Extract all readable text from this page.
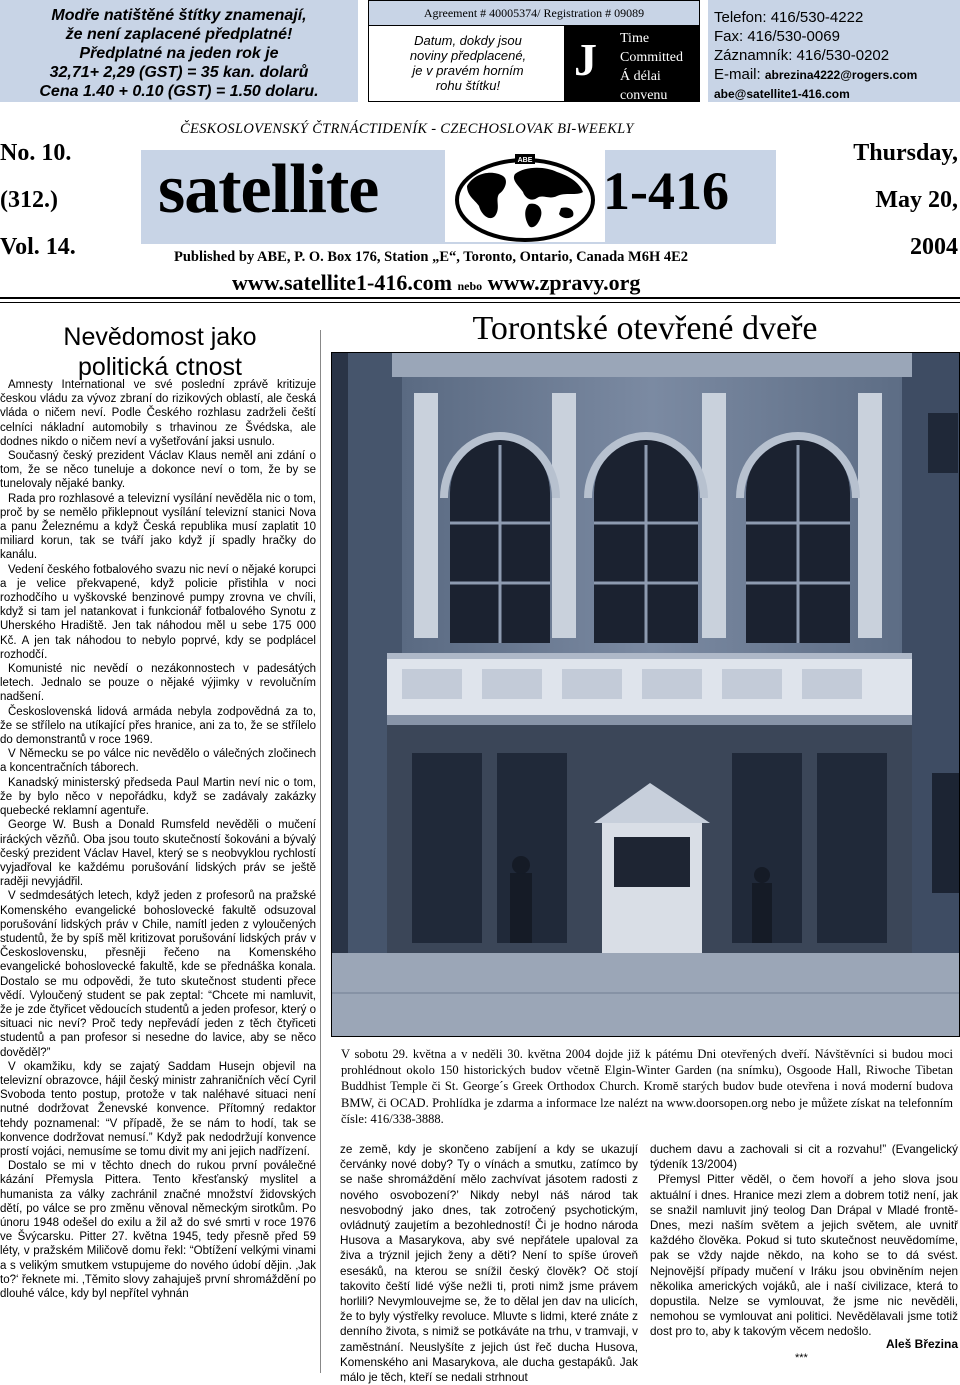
Modře natištěné štítky znamenají,
že není zaplacené předplatné!
Předplatné na jeden rok je
32,71+ 2,29 (GST) = 35 kan. dolarů
Cena 1.40 + 0.10 (GST) = 1.50 dolaru.
Agreement # 40005374/ Registration # 09089
Datum, dokdy jsou
noviny předplacené,
je v pravém horním
rohu štítku!
J Time
Committed
Á délai
convenu
Telefon: 416/530-4222
Fax: 416/530-0069
Záznamník: 416/530-0202
E-mail: abrezina4222@rogers.com
abe@satellite1-416.com
No. 10.
(312.)
Vol. 14.
ČESKOSLOVENSKÝ ČTRNÁCTIDENÍK - CZECHOSLOVAK BI-WEEKLY
satellite	ABE
1-416
Thursday,
May 20,
2004
Published by ABE, P. O. Box 176, Station „E“, Toronto, Ontario, Canada M6H 4E2
www.satellite1-416.com nebo www.zpravy.org
Nevědomost jako
politická ctnost

Amnesty International ve své poslední zprávě kritizuje českou vládu za vývoz zbraní do rizikových oblastí, ale česká vláda o ničem neví. Podle Českého rozhlasu zadrželi čeští celníci nákladní automobily s trhavinou ze Švédska, ale dodnes nikdo o ničem neví a vyšetřování jaksi usnulo.

Současný český prezident Václav Klaus neměl ani zdání o tom, že se něco tuneluje a dokonce neví o tom, že by se tunelovaly nějaké banky.

Rada pro rozhlasové a televizní vysílání nevěděla nic o tom, proč by se nemělo přiklepnout vysílání televizní stanici Nova a panu Železnému a když Česká republika musí zaplatit 10 miliard korun, tak se tváří jako když jí spadly hračky do kanálu.

Vedení českého fotbalového svazu nic neví o nějaké korupci a je velice překvapené, když policie přistihla v noci rozhodčího u vyškovské benzinové pumpy zrovna ve chvíli, když si tam jel natankovat i funkcionář fotbalového Synotu z Uherského Hradiště. Jen tak náhodou měl u sebe 175 000 Kč. A jen tak náhodou to nebylo poprvé, kdy se podplácel rozhodčí.

Komunisté nic nevědí o nezákonnostech v padesátých letech. Jednalo se pouze o nějaké výjimky v revolučním nadšení.

Československá lidová armáda nebyla zodpovědná za to, že se střílelo na utíkající přes hranice, ani za to, že se střílelo do demonstrantů v roce 1969.

V Německu se po válce nic nevědělo o válečných zločinech a koncentračních táborech.

Kanadský ministerský předseda Paul Martin neví nic o tom, že by bylo něco v nepořádku, když se zadávaly zakázky quebecké reklamní agentuře.

George W. Bush a Donald Rumsfeld nevěděli o mučení iráckých vězňů. Oba jsou touto skutečností šokováni a bývalý český prezident Václav Havel, který se s neobvyklou rychlostí vyjadřoval ke každému porušování lidských práv se ještě raději nevyjádřil.

V sedmdesátých letech, když jeden z profesorů na pražské Komenského evangelické bohoslovecké fakultě odsuzoval porušování lidských práv v Chile, namítl jeden z vyloučených studentů, že by spíš měl kritizovat porušování lidských práv v Československu, přesněji řečeno na Komenského evangelické bohoslovecké fakultě, kde se přednáška konala. Dostalo se mu odpovědi, že tuto skutečnost studenti přece vědí. Vyloučený student se pak zeptal: “Chcete mi namluvit, že je zde čtyřicet vědoucích studentů a jeden profesor, který o situaci nic neví? Proč tedy nepřevádí jeden z těch čtyřiceti studentů a pan profesor si nesedne do lavice, aby se něco dověděl?”

V okamžiku, kdy se zajatý Saddam Husejn objevil na televizní obrazovce, hájil český ministr zahraničních věcí Cyril Svoboda tento postup, protože v tak naléhavé situaci není nutné dodržovat Ženevské konvence. Přítomný redaktor tehdy poznamenal: “V případě, že se nám to hodí, tak se konvence dodržovat nemusí.” Když pak nedodržují konvence prostí vojáci, nemusíme se tomu divit my ani jejich nadřízení.

Dostalo se mi v těchto dnech do rukou první poválečné kázání Přemysla Pittera. Tento křesťanský myslitel a humanista za války zachránil značné množství židovských dětí, po válce se pro změnu věnoval německým sirotkům. Po únoru 1948 odešel do exilu a žil až do své smrti v roce 1976 ve Švýcarsku. Pitter 27. května 1945, tedy přesně před 59 léty, v pražském Miličově domu řekl: “Obtížení velkými vinami a s velikým smutkem vstupujeme do nového údobí dějin. ‚Jak to?‘ řeknete mi. ‚Těmito slovy zahajuješ první shromáždění po dlouhé válce, kdy byl nepřítel vyhnán

Torontské otevřené dveře
V sobotu 29. května a v neděli 30. května 2004 dojde již k pátému Dni otevřených dveří. Návštěvníci si budou moci prohlédnout okolo 150 historických budov včetně Elgin-Winter Garden (na snímku), Osgoode Hall, Riwoche Tibetan Buddhist Temple či St. George´s Greek Orthodox Church. Kromě starých budov bude otevřena i nová moderní budova BMW, či OCAD. Prohlídka je zdarma a informace lze nalézt na www.doorsopen.org nebo je můžete získat na telefonním čísle: 416/338-3888.

ze země, kdy je skončeno zabíjení a kdy se ukazují červánky nové doby? Ty o vínách a smutku, zatímco by se naše shromáždění mělo zachvívat jásotem radosti z nového osvobození?’ Nikdy nebyl náš národ tak nesvobodný jako dnes, tak zotročený psychotickým, ovládnutý zaujetím a bezohledností! Či je hodno národa Husova a Masarykova, aby své nepřátele upaloval za živa a trýznil jejich ženy a děti? Není to spíše úroveň esesáků, na kterou se snížil český člověk? Oč stojí takovito čeští lidé výše nežli ti, proti nimž jsme právem horlili? Nevymlouvejme se, že to dělal jen dav na ulicích, že to byly výstřelky revoluce. Mluvte s lidmi, které znáte z denního života, s nimiž se potkáváte na trhu, v tramvaji, v zaměstnání. Neuslyšíte z jejich úst řeč ducha Husova, Komenského ani Masarykova, ale ducha gestapáků. Jak málo je těch, kteří se nedali strhnout

duchem davu a zachovali si cit a rozvahu!” (Evangelický týdeník 13/2004)

Přemysl Pitter věděl, o čem hovoří a jeho slova jsou aktuální i dnes. Hranice mezi zlem a dobrem totiž není, jak se snažil namluvit jiný teolog Dan Drápal v Mladé frontě-Dnes, mezi naším světem a jejich světem, ale uvnitř každého člověka. Pokud si tuto skutečnost neuvědomíme, pak se vždy najde někdo, na koho se to dá svést. Nejnovější případy mučení v Iráku jsou obviněním nejen několika amerických vojáků, ale i naší civilizace, která to dopustila. Nelze se vymlouvat, že jsme nic nevěděli, nemohou se vymlouvat ani politici. Nevědělavali jsme totiž dost pro to, aby k takovým věcem nedošlo.

Aleš Březina
***
